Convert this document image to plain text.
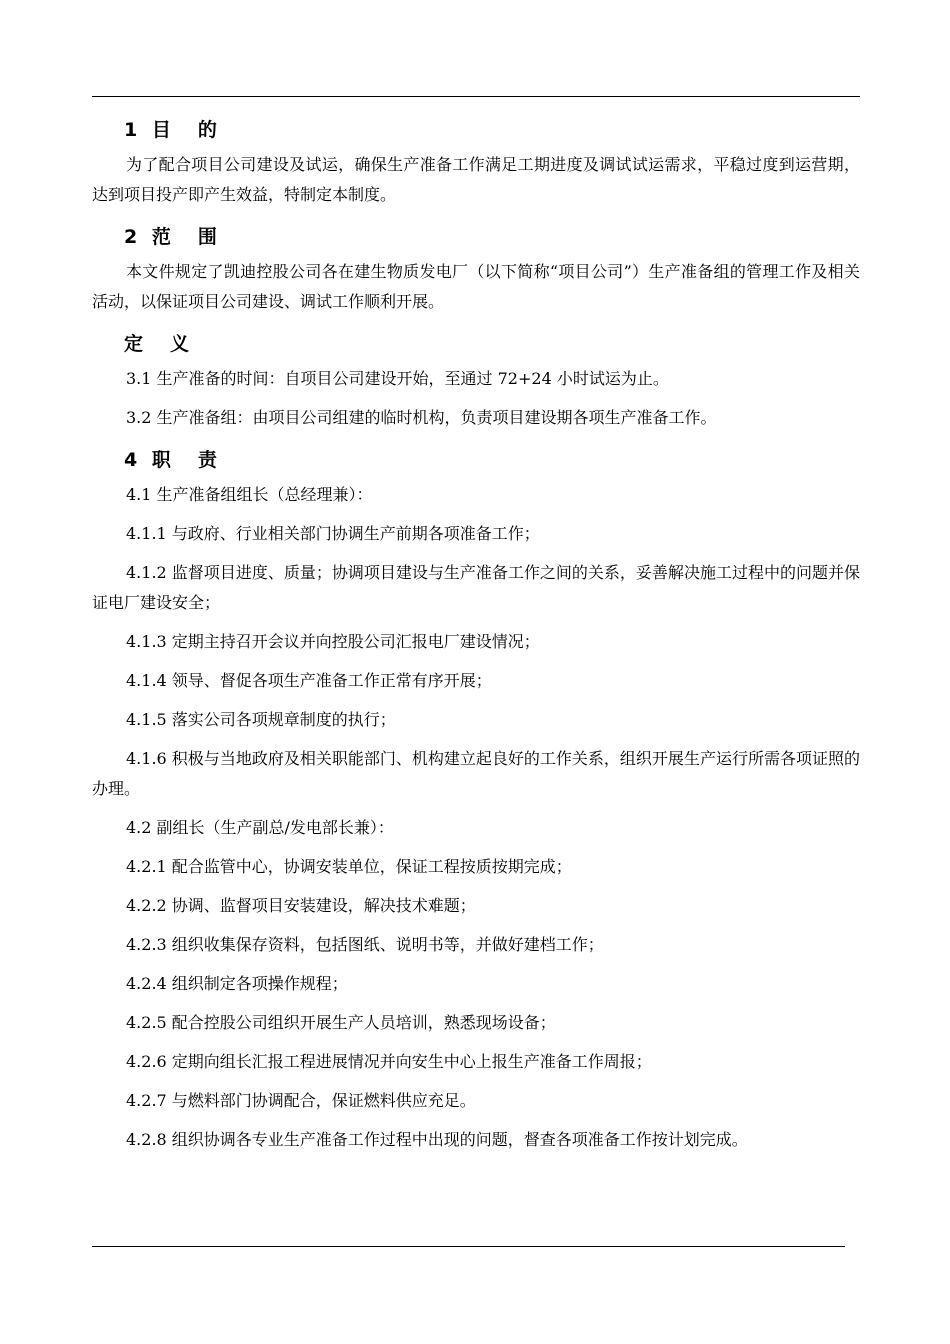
1 目　的

为了配合项目公司建设及试运，确保生产准备工作满足工期进度及调试试运需求，平稳过度到运营期，达到项目投产即产生效益，特制定本制度。

2 范　围

本文件规定了凯迪控股公司各在建生物质发电厂（以下简称“项目公司”）生产准备组的管理工作及相关活动，以保证项目公司建设、调试工作顺利开展。

定　义

3.1 生产准备的时间：自项目公司建设开始，至通过 72+24 小时试运为止。

3.2 生产准备组：由项目公司组建的临时机构，负责项目建设期各项生产准备工作。

4 职　责

4.1 生产准备组组长（总经理兼）：

4.1.1 与政府、行业相关部门协调生产前期各项准备工作；

4.1.2 监督项目进度、质量；协调项目建设与生产准备工作之间的关系，妥善解决施工过程中的问题并保证电厂建设安全；

4.1.3 定期主持召开会议并向控股公司汇报电厂建设情况；

4.1.4 领导、督促各项生产准备工作正常有序开展；

4.1.5 落实公司各项规章制度的执行；

4.1.6 积极与当地政府及相关职能部门、机构建立起良好的工作关系，组织开展生产运行所需各项证照的办理。

4.2 副组长（生产副总/发电部长兼）：

4.2.1 配合监管中心，协调安装单位，保证工程按质按期完成；

4.2.2 协调、监督项目安装建设，解决技术难题；

4.2.3 组织收集保存资料，包括图纸、说明书等，并做好建档工作；

4.2.4 组织制定各项操作规程；

4.2.5 配合控股公司组织开展生产人员培训，熟悉现场设备；

4.2.6 定期向组长汇报工程进展情况并向安生中心上报生产准备工作周报；

4.2.7 与燃料部门协调配合，保证燃料供应充足。

4.2.8 组织协调各专业生产准备工作过程中出现的问题，督查各项准备工作按计划完成。
